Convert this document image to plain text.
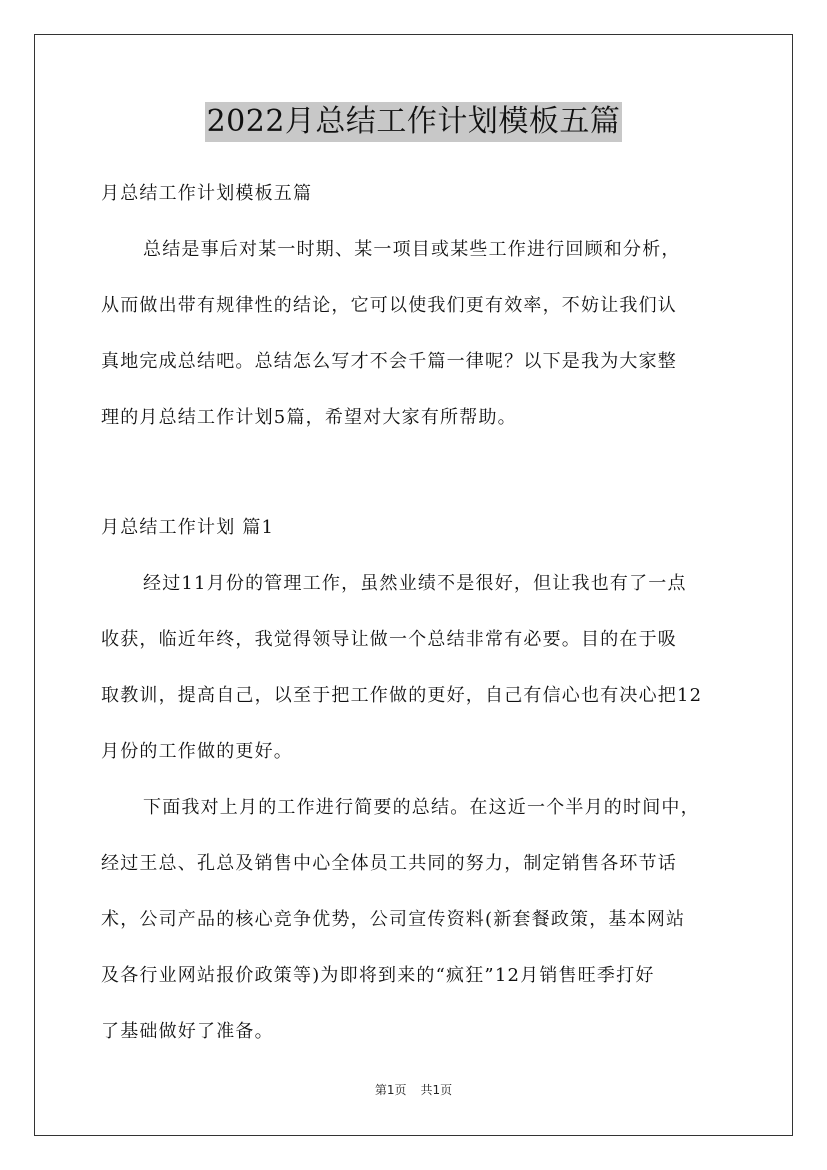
2022月总结工作计划模板五篇
月总结工作计划模板五篇
总结是事后对某一时期、某一项目或某些工作进行回顾和分析，
从而做出带有规律性的结论，它可以使我们更有效率，不妨让我们认
真地完成总结吧。总结怎么写才不会千篇一律呢？以下是我为大家整
理的月总结工作计划5篇，希望对大家有所帮助。
月总结工作计划 篇1
经过11月份的管理工作，虽然业绩不是很好，但让我也有了一点
收获，临近年终，我觉得领导让做一个总结非常有必要。目的在于吸
取教训，提高自己，以至于把工作做的更好，自己有信心也有决心把12
月份的工作做的更好。
下面我对上月的工作进行简要的总结。在这近一个半月的时间中，
经过王总、孔总及销售中心全体员工共同的努力，制定销售各环节话
术，公司产品的核心竞争优势，公司宣传资料(新套餐政策，基本网站
及各行业网站报价政策等)为即将到来的“疯狂”12月销售旺季打好
了基础做好了准备。
第1页 共1页
